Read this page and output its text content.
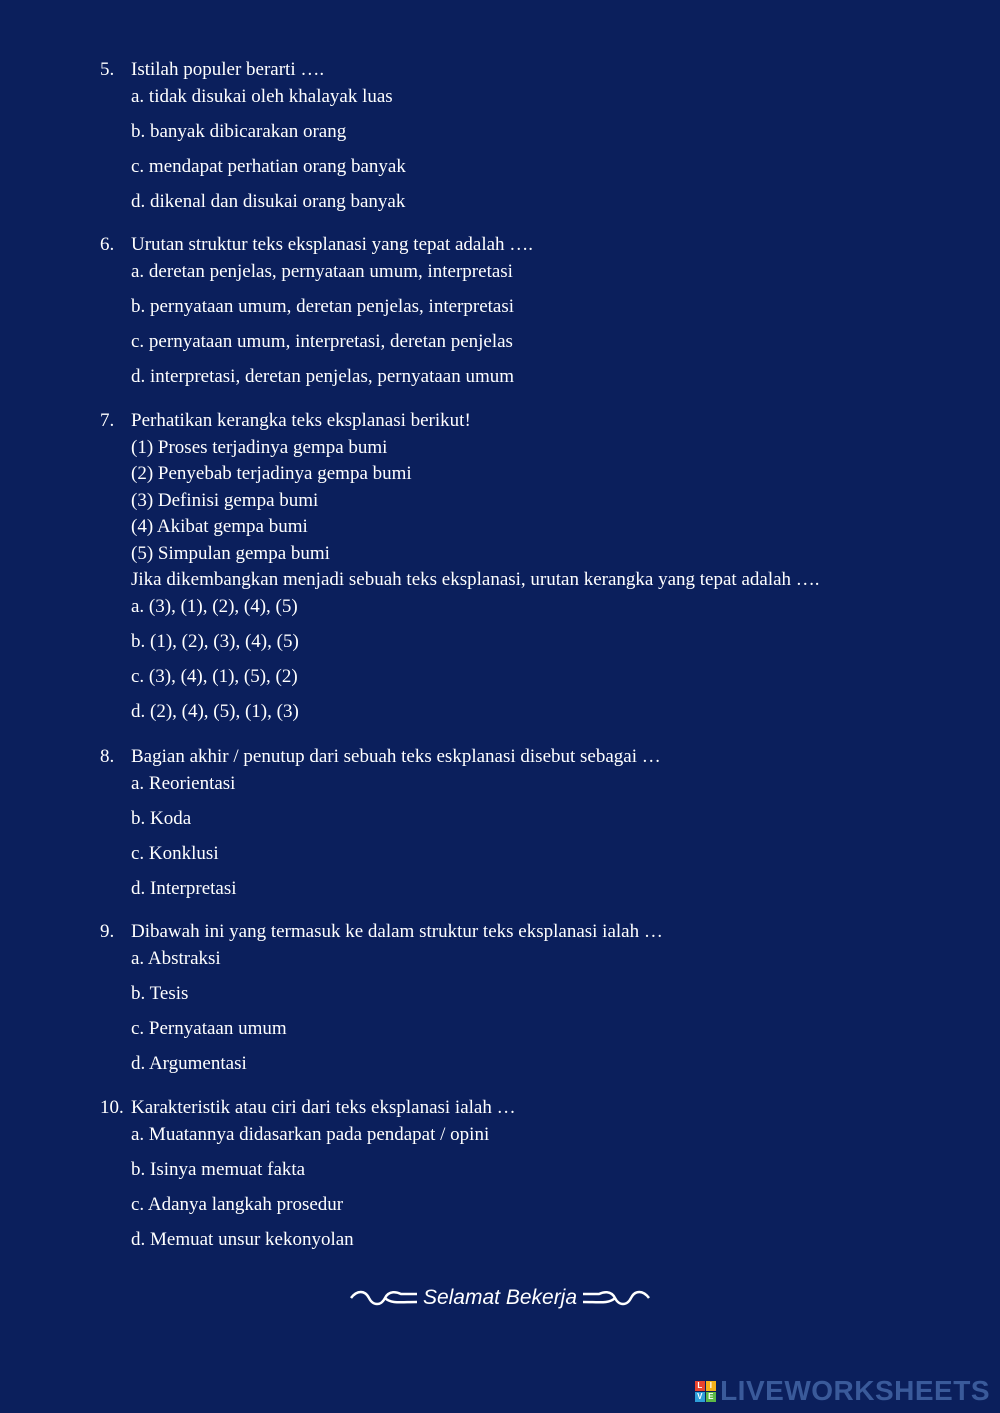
5. Istilah populer berarti ….
a. tidak disukai oleh khalayak luas
b. banyak dibicarakan orang
c. mendapat perhatian orang banyak
d. dikenal dan disukai orang banyak
6. Urutan struktur teks eksplanasi yang tepat adalah ….
a. deretan penjelas, pernyataan umum, interpretasi
b. pernyataan umum, deretan penjelas, interpretasi
c. pernyataan umum, interpretasi, deretan penjelas
d. interpretasi, deretan penjelas, pernyataan umum
7. Perhatikan kerangka teks eksplanasi berikut!
(1) Proses terjadinya gempa bumi
(2) Penyebab terjadinya gempa bumi
(3) Definisi gempa bumi
(4) Akibat gempa bumi
(5) Simpulan gempa bumi
Jika dikembangkan menjadi sebuah teks eksplanasi, urutan kerangka yang tepat adalah ….
a. (3), (1), (2), (4), (5)
b. (1), (2), (3), (4), (5)
c. (3), (4), (1), (5), (2)
d. (2), (4), (5), (1), (3)
8. Bagian akhir / penutup dari sebuah teks eskplanasi disebut sebagai …
a. Reorientasi
b. Koda
c. Konklusi
d. Interpretasi
9. Dibawah ini yang termasuk ke dalam struktur teks eksplanasi ialah …
a. Abstraksi
b. Tesis
c. Pernyataan umum
d. Argumentasi
10. Karakteristik atau ciri dari teks eksplanasi ialah …
a. Muatannya didasarkan pada pendapat / opini
b. Isinya memuat fakta
c. Adanya langkah prosedur
d. Memuat unsur kekonyolan
Selamat Bekerja
L I
V E LIVEWORKSHEETS
